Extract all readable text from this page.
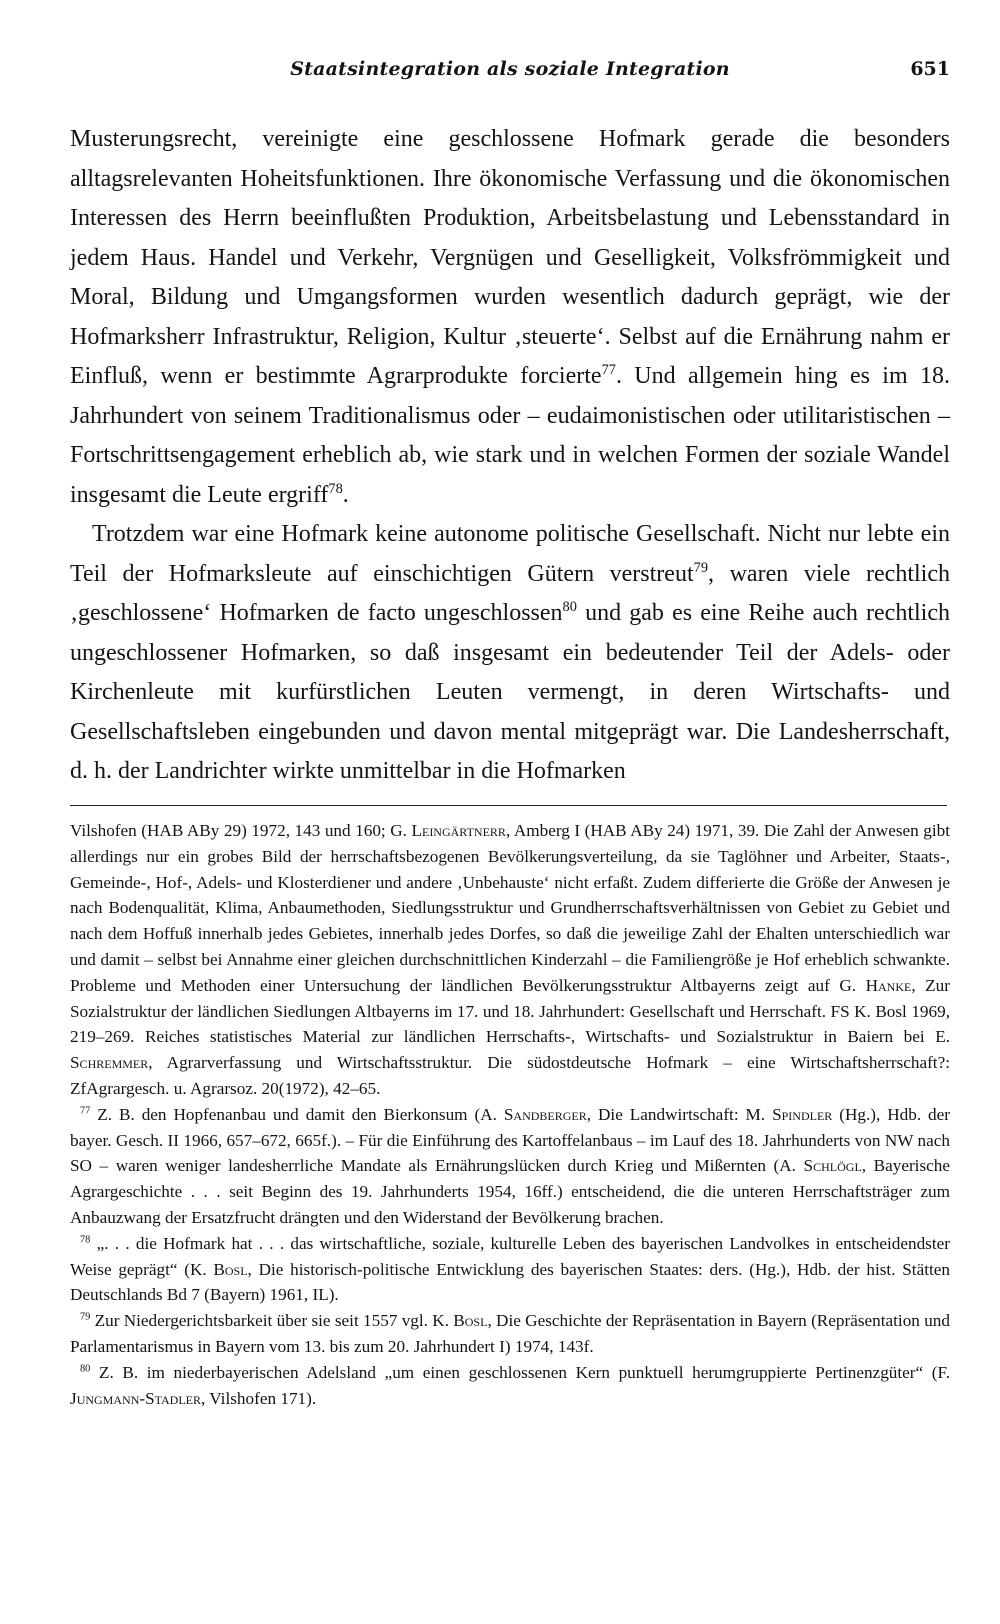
Staatsintegration als soziale Integration	651

Musterungsrecht, vereinigte eine geschlossene Hofmark gerade die besonders alltagsrelevanten Hoheitsfunktionen. Ihre ökonomische Verfassung und die ökonomischen Interessen des Herrn beeinflußten Produktion, Arbeitsbelastung und Lebensstandard in jedem Haus. Handel und Verkehr, Vergnügen und Geselligkeit, Volksfrömmigkeit und Moral, Bildung und Umgangsformen wurden wesentlich dadurch geprägt, wie der Hofmarksherr Infrastruktur, Religion, Kultur ‚steuerte‘. Selbst auf die Ernährung nahm er Einfluß, wenn er bestimmte Agrarprodukte forcierte$^{77}$. Und allgemein hing es im 18. Jahrhundert von seinem Traditionalismus oder – eudaimonistischen oder utilitaristischen – Fortschrittsengagement erheblich ab, wie stark und in welchen Formen der soziale Wandel insgesamt die Leute ergriff$^{78}$.

Trotzdem war eine Hofmark keine autonome politische Gesellschaft. Nicht nur lebte ein Teil der Hofmarksleute auf einschichtigen Gütern verstreut$^{79}$, waren viele rechtlich ‚geschlossene‘ Hofmarken de facto ungeschlossen$^{80}$ und gab es eine Reihe auch rechtlich ungeschlossener Hofmarken, so daß insgesamt ein bedeutender Teil der Adels- oder Kirchenleute mit kurfürstlichen Leuten vermengt, in deren Wirtschafts- und Gesellschaftsleben eingebunden und davon mental mitgeprägt war. Die Landesherrschaft, d. h. der Landrichter wirkte unmittelbar in die Hofmarken

Vilshofen (HAB ABy 29) 1972, 143 und 160; G. Leingärtnerr, Amberg I (HAB ABy 24) 1971, 39. Die Zahl der Anwesen gibt allerdings nur ein grobes Bild der herrschaftsbezogenen Bevölkerungsverteilung, da sie Taglöhner und Arbeiter, Staats-, Gemeinde-, Hof-, Adels- und Klosterdiener und andere ‚Unbehauste‘ nicht erfaßt. Zudem differierte die Größe der Anwesen je nach Bodenqualität, Klima, Anbaumethoden, Siedlungsstruktur und Grundherrschaftsverhältnissen von Gebiet zu Gebiet und nach dem Hoffuß innerhalb jedes Gebietes, innerhalb jedes Dorfes, so daß die jeweilige Zahl der Ehalten unterschiedlich war und damit – selbst bei Annahme einer gleichen durchschnittlichen Kinderzahl – die Familiengröße je Hof erheblich schwankte. Probleme und Methoden einer Untersuchung der ländlichen Bevölkerungsstruktur Altbayerns zeigt auf G. Hanke, Zur Sozialstruktur der ländlichen Siedlungen Altbayerns im 17. und 18. Jahrhundert: Gesellschaft und Herrschaft. FS K. Bosl 1969, 219–269. Reiches statistisches Material zur ländlichen Herrschafts-, Wirtschafts- und Sozialstruktur in Baiern bei E. Schremmer, Agrarverfassung und Wirtschaftsstruktur. Die südostdeutsche Hofmark – eine Wirtschaftsherrschaft?: ZfAgrargesch. u. Agrarsoz. 20(1972), 42–65.

$^{77}$ Z. B. den Hopfenanbau und damit den Bierkonsum (A. Sandberger, Die Landwirtschaft: M. Spindler (Hg.), Hdb. der bayer. Gesch. II 1966, 657–672, 665f.). – Für die Einführung des Kartoffelanbaus – im Lauf des 18. Jahrhunderts von NW nach SO – waren weniger landesherrliche Mandate als Ernährungslücken durch Krieg und Mißernten (A. Schlögl, Bayerische Agrargeschichte . . . seit Beginn des 19. Jahrhunderts 1954, 16ff.) entscheidend, die die unteren Herrschaftsträger zum Anbauzwang der Ersatzfrucht drängten und den Widerstand der Bevölkerung brachen.

$^{78}$ „. . . die Hofmark hat . . . das wirtschaftliche, soziale, kulturelle Leben des bayerischen Landvolkes in entscheidendster Weise geprägt“ (K. Bosl, Die historisch-politische Entwicklung des bayerischen Staates: ders. (Hg.), Hdb. der hist. Stätten Deutschlands Bd 7 (Bayern) 1961, IL).

$^{79}$ Zur Niedergerichtsbarkeit über sie seit 1557 vgl. K. Bosl, Die Geschichte der Repräsentation in Bayern (Repräsentation und Parlamentarismus in Bayern vom 13. bis zum 20. Jahrhundert I) 1974, 143f.

$^{80}$ Z. B. im niederbayerischen Adelsland „um einen geschlossenen Kern punktuell herumgruppierte Pertinenzgüter“ (F. Jungmann-Stadler, Vilshofen 171).
